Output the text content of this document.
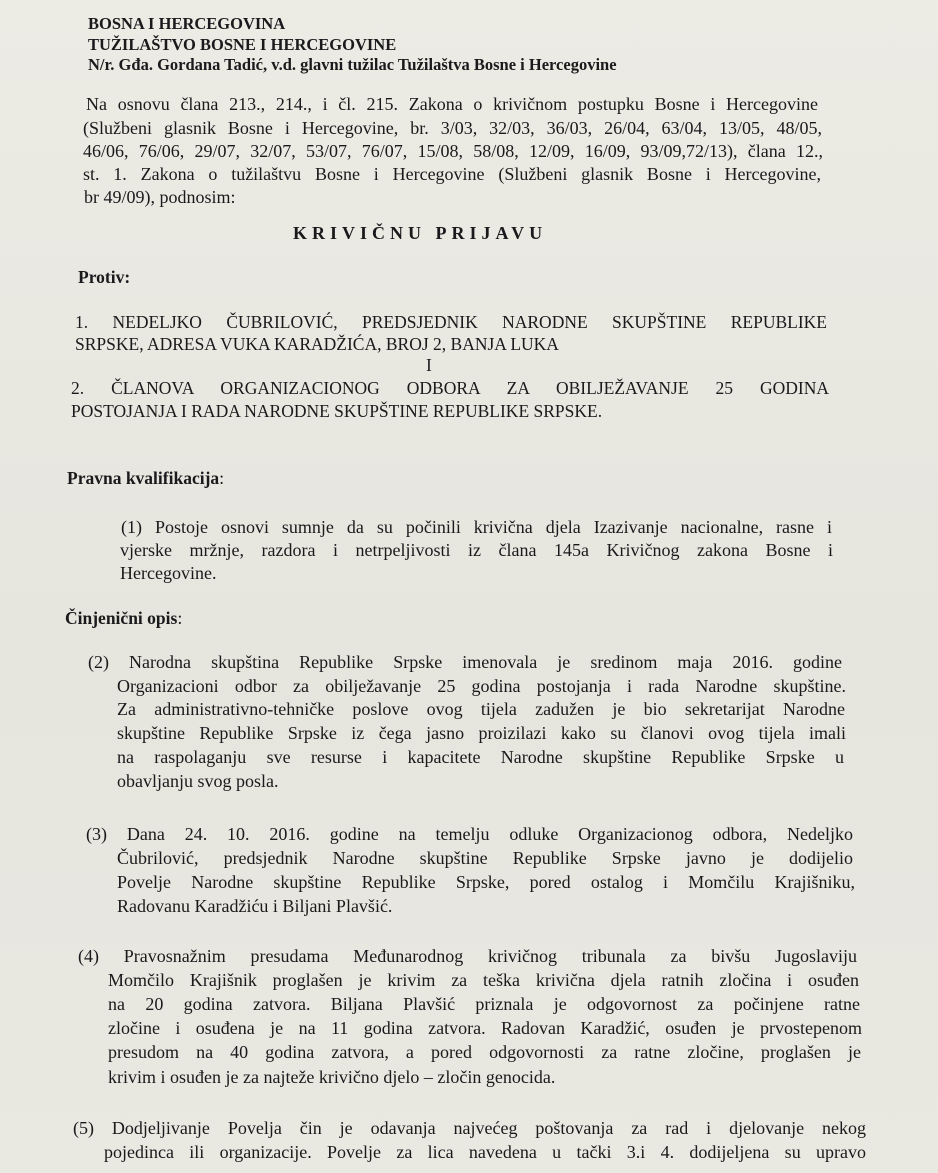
BOSNA I HERCEGOVINA
TUŽILAŠTVO BOSNE I HERCEGOVINE
N/r. Gđa. Gordana Tadić, v.d. glavni tužilac Tužilaštva Bosne i Hercegovine
Na osnovu člana 213., 214., i čl. 215. Zakona o krivičnom postupku Bosne i Hercegovine
(Službeni glasnik Bosne i Hercegovine, br. 3/03, 32/03, 36/03, 26/04, 63/04, 13/05, 48/05,
46/06, 76/06, 29/07, 32/07, 53/07, 76/07, 15/08, 58/08, 12/09, 16/09, 93/09,72/13), člana 12.,
st. 1. Zakona o tužilaštvu Bosne i Hercegovine (Službeni glasnik Bosne i Hercegovine,
br 49/09), podnosim:
KRIVIČNU PRIJAVU
Protiv:
1. NEDELJKO ČUBRILOVIĆ, PREDSJEDNIK NARODNE SKUPŠTINE REPUBLIKE
SRPSKE, ADRESA VUKA KARADŽIĆA, BROJ 2, BANJA LUKA
I
2. ČLANOVA ORGANIZACIONOG ODBORA ZA OBILJEŽAVANJE 25 GODINA
POSTOJANJA I RADA NARODNE SKUPŠTINE REPUBLIKE SRPSKE.
Pravna kvalifikacija:
(1) Postoje osnovi sumnje da su počinili krivična djela Izazivanje nacionalne, rasne i
vjerske mržnje, razdora i netrpeljivosti iz člana 145a Krivičnog zakona Bosne i
Hercegovine.
Činjenični opis:
(2) Narodna skupština Republike Srpske imenovala je sredinom maja 2016. godine
Organizacioni odbor za obilježavanje 25 godina postojanja i rada Narodne skupštine.
Za administrativno-tehničke poslove ovog tijela zadužen je bio sekretarijat Narodne
skupštine Republike Srpske iz čega jasno proizilazi kako su članovi ovog tijela imali
na raspolaganju sve resurse i kapacitete Narodne skupštine Republike Srpske u
obavljanju svog posla.
(3) Dana 24. 10. 2016. godine na temelju odluke Organizacionog odbora, Nedeljko
Čubrilović, predsjednik Narodne skupštine Republike Srpske javno je dodijelio
Povelje Narodne skupštine Republike Srpske, pored ostalog i Momčilu Krajišniku,
Radovanu Karadžiću i Biljani Plavšić.
(4) Pravosnažnim presudama Međunarodnog krivičnog tribunala za bivšu Jugoslaviju
Momčilo Krajišnik proglašen je krivim za teška krivična djela ratnih zločina i osuđen
na 20 godina zatvora. Biljana Plavšić priznala je odgovornost za počinjene ratne
zločine i osuđena je na 11 godina zatvora. Radovan Karadžić, osuđen je prvostepenom
presudom na 40 godina zatvora, a pored odgovornosti za ratne zločine, proglašen je
krivim i osuđen je za najteže krivično djelo – zločin genocida.
(5) Dodjeljivanje Povelja čin je odavanja najvećeg poštovanja za rad i djelovanje nekog
pojedinca ili organizacije. Povelje za lica navedena u tački 3.i 4. dodijeljena su upravo
